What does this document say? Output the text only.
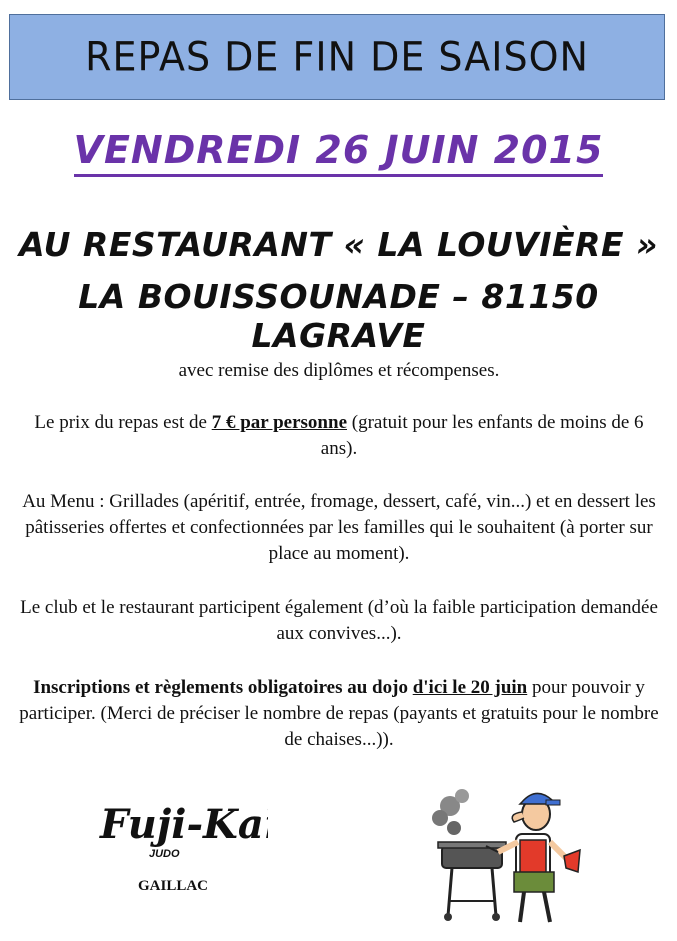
REPAS DE FIN DE SAISON
VENDREDI 26 JUIN 2015
AU RESTAURANT « LA LOUVIÈRE »
LA BOUISSOUNADE – 81150 LAGRAVE
avec remise des diplômes et récompenses.
Le prix du repas est de 7 € par personne (gratuit pour les enfants de moins de 6 ans).
Au Menu : Grillades (apéritif, entrée, fromage, dessert, café, vin...) et en dessert les pâtisseries offertes et confectionnées par les familles qui le souhaitent (à porter sur place au moment).
Le club et le restaurant participent également (d’où la faible participation demandée aux convives...).
Inscriptions et règlements obligatoires au dojo d'ici le 20 juin pour pouvoir y participer. (Merci de préciser le nombre de repas (payants et gratuits pour le nombre de chaises...)).
Fuji-Kaï
JUDO
GAILLAC
